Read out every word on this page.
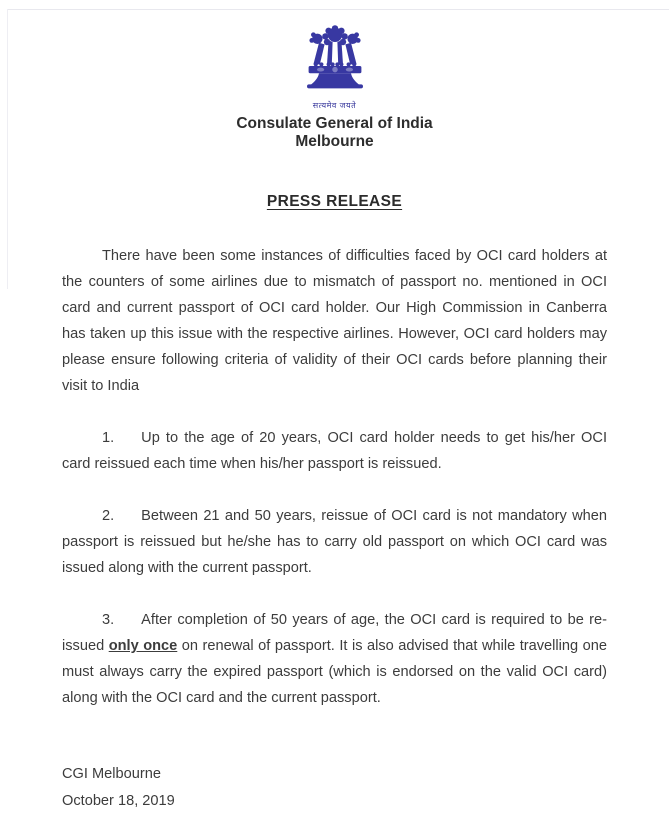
सत्यमेव जयते
Consulate General of India
Melbourne
PRESS RELEASE

There have been some instances of difficulties faced by OCI card holders at the counters of some airlines due to mismatch of passport no. mentioned in OCI card and current passport of OCI card holder. Our High Commission in Canberra has taken up this issue with the respective airlines. However, OCI card holders may please ensure following criteria of validity of their OCI cards before planning their visit to India

1. Up to the age of 20 years, OCI card holder needs to get his/her OCI card reissued each time when his/her passport is reissued.

2. Between 21 and 50 years, reissue of OCI card is not mandatory when passport is reissued but he/she has to carry old passport on which OCI card was issued along with the current passport.

3. After completion of 50 years of age, the OCI card is required to be re-issued only once on renewal of passport. It is also advised that while travelling one must always carry the expired passport (which is endorsed on the valid OCI card) along with the OCI card and the current passport.

CGI Melbourne

October 18, 2019
